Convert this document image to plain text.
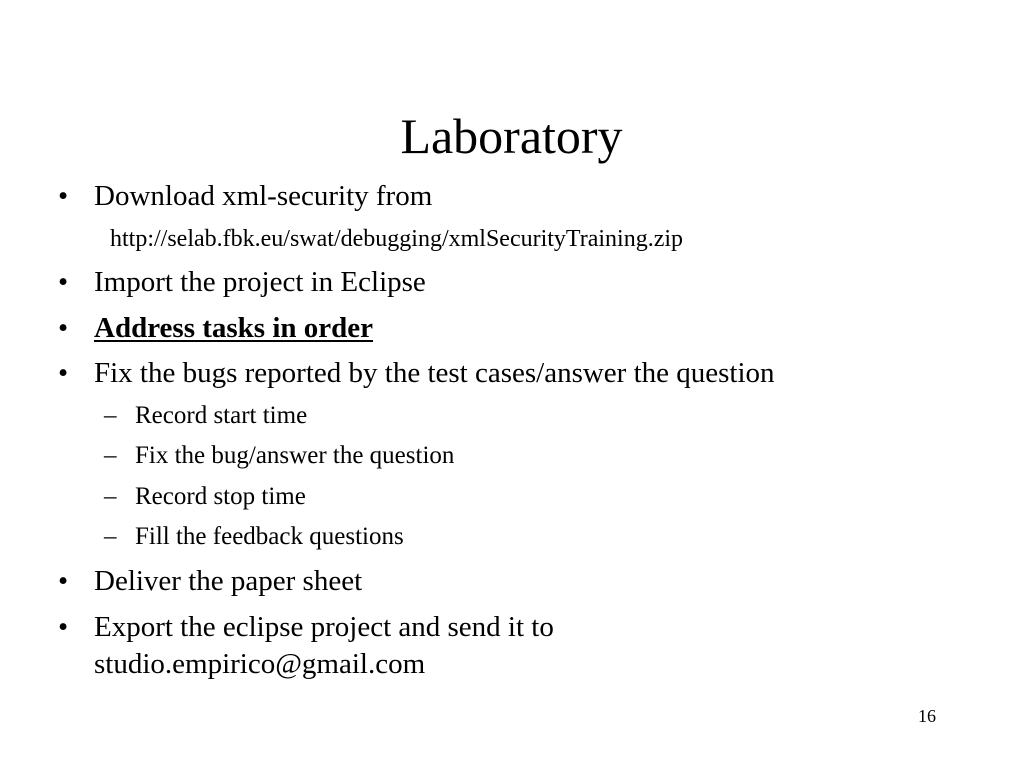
Laboratory
• Download xml-security from
http://selab.fbk.eu/swat/debugging/xmlSecurityTraining.zip
• Import the project in Eclipse
• Address tasks in order
• Fix the bugs reported by the test cases/answer the question
– Record start time
– Fix the bug/answer the question
– Record stop time
– Fill the feedback questions
• Deliver the paper sheet
• Export the eclipse project and send it to
studio.empirico@gmail.com
16
